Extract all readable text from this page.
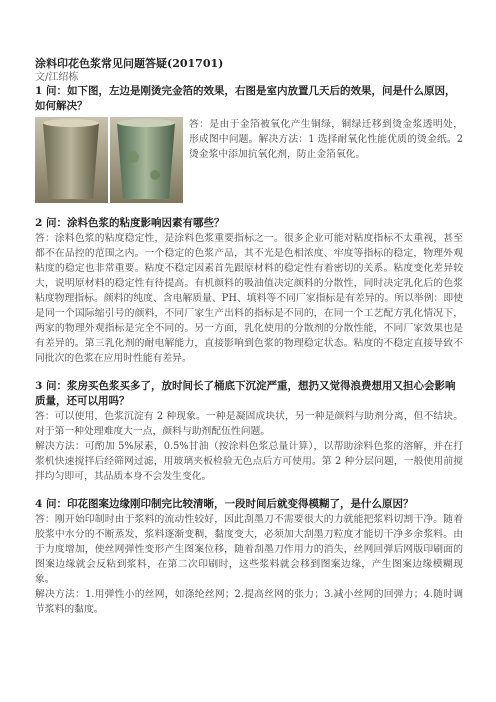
涂料印花色浆常见问题答疑(201701)

文/江绍栋

1 问：如下图，左边是刚烫完金箔的效果，右图是室内放置几天后的效果，问是什么原因，如何解决？

答：是由于金箔被氧化产生铜绿，铜绿迁移到烫金浆透明处，形成图中问题。解决方法：1 选择耐氧化性能优质的烫金纸。2 烫金浆中添加抗氧化剂，防止金箔氧化。

2 问：涂料色浆的粘度影响因素有哪些？

答：涂料色浆的粘度稳定性，是涂料色浆重要指标之一。很多企业可能对粘度指标不太重视，甚至都不在品控的范围之内。一个稳定的色浆产品，其不光是色相浓度、牢度等指标的稳定，物理外观粘度的稳定也非常重要。粘度不稳定因素首先跟原材料的稳定性有着密切的关系。粘度变化差异较大，说明原材料的稳定性有待提高。有机颜料的吸油值决定颜料的分散性，同时决定乳化后的色浆粘度物理指标。颜料的纯度、含电解质量、PH、填料等不同厂家指标是有差异的。所以举例：即使是同一个国际缩引号的颜料，不同厂家生产出料的指标是不同的，在同一个工艺配方乳化情况下，两家的物理外观指标是完全不同的。另一方面，乳化使用的分散剂的分散性能，不同厂家效果也是有差异的。第三乳化剂的耐电解能力，直接影响到色浆的物理稳定状态。粘度的不稳定直接导致不同批次的色浆在应用时性能有差异。

3 问：浆房买色浆买多了，放时间长了桶底下沉淀严重，想扔又觉得浪费想用又担心会影响质量，还可以用吗？

答：可以使用，色浆沉淀有 2 种现象。一种是凝固成块状，另一种是颜料与助剂分离，但不结块。对于第一种处理难度大一点，颜料与助剂配伍性问题。

解决方法：可酌加 5%尿素，0.5%甘油（按涂料色浆总量计算），以帮助涂料色浆的溶解，并在打浆机快速搅拌后经筛网过滤，用玻璃夹板检验无色点后方可使用。第 2 种分层问题，一般使用前搅拌均匀即可，其品质本身不会发生变化。

4 问：印花图案边缘刚印制完比较清晰，一段时间后就变得模糊了，是什么原因？

答：刚开始印制时由于浆料的流动性较好，因此刮墨刀不需要很大的力就能把浆料切割干净。随着胶浆中水分的不断蒸发，浆料逐渐变稠，黏度变大，必须加大刮墨刀粒度才能切干净多余浆料。由于力度增加，使丝网弹性变形产生图案位移，随着刮墨刀作用力的消失，丝网回弹后网版印刷面的图案边缘就会反粘到浆料，在第二次印刷时，这些浆料就会移到图案边缘，产生图案边缘模糊现象。

解决方法：1.用弹性小的丝网，如涤纶丝网；2.提高丝网的张力；3.减小丝网的回弹力；4.随时调节浆料的黏度。
